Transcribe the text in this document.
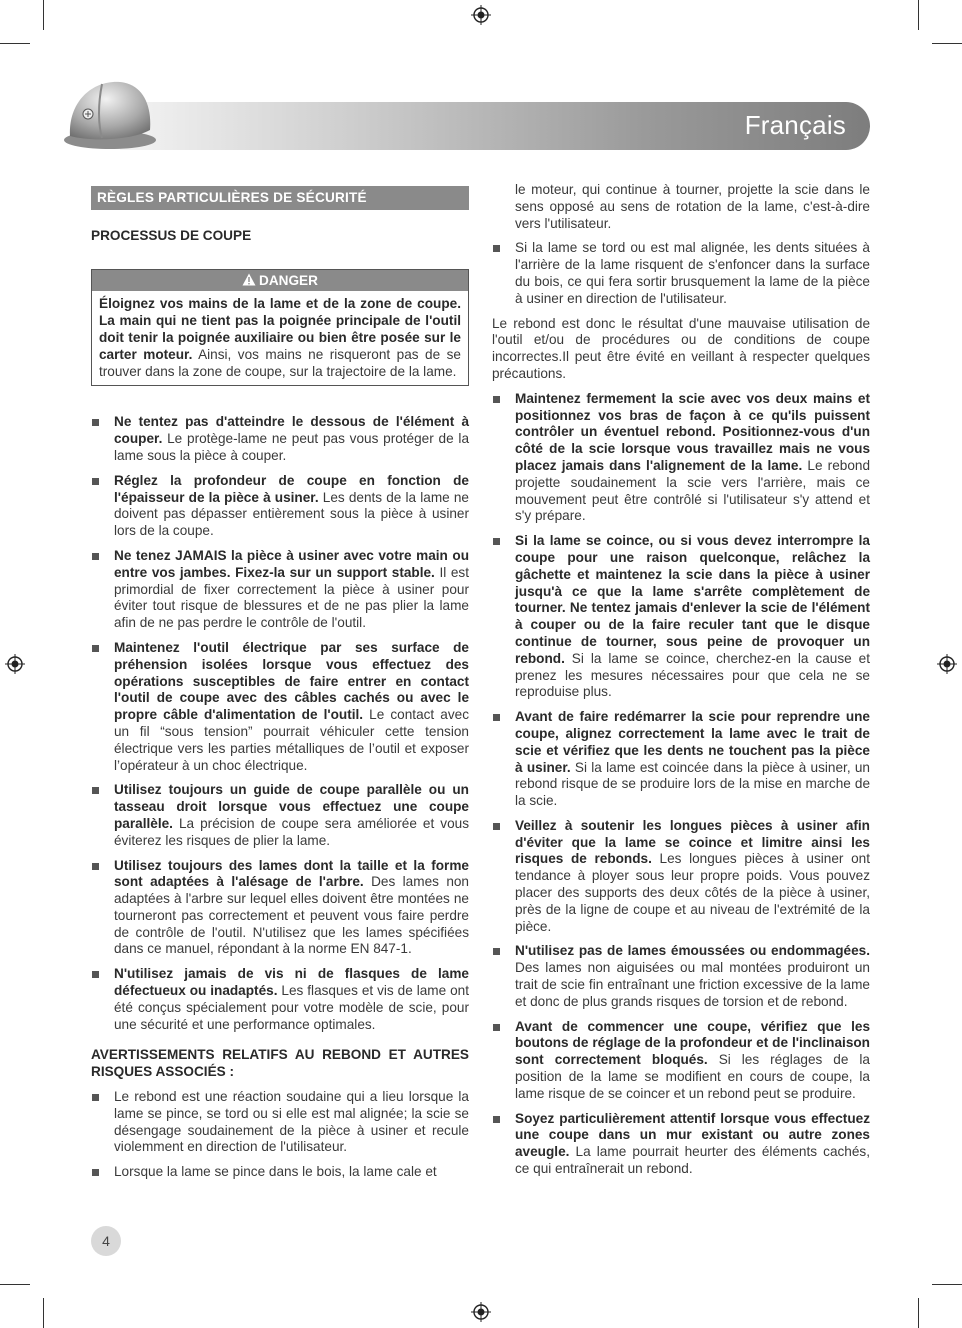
Français
RÈGLES PARTICULIÈRES DE SÉCURITÉ
PROCESSUS DE COUPE
DANGER
Éloignez vos mains de la lame et de la zone de coupe. La main qui ne tient pas la poignée principale de l'outil doit tenir la poignée auxiliaire ou bien être posée sur le carter moteur. Ainsi, vos mains ne risqueront pas de se trouver dans la zone de coupe, sur la trajectoire de la lame.
Ne tentez pas d'atteindre le dessous de l'élément à couper. Le protège-lame ne peut pas vous protéger de la lame sous la pièce à couper.
Réglez la profondeur de coupe en fonction de l'épaisseur de la pièce à usiner. Les dents de la lame ne doivent pas dépasser entièrement sous la pièce à usiner lors de la coupe.
Ne tenez JAMAIS la pièce à usiner avec votre main ou entre vos jambes. Fixez-la sur un support stable. Il est primordial de fixer correctement la pièce à usiner pour éviter tout risque de blessures et de ne pas plier la lame afin de ne pas perdre le contrôle de l'outil.
Maintenez l'outil électrique par ses surface de préhension isolées lorsque vous effectuez des opérations susceptibles de faire entrer en contact l'outil de coupe avec des câbles cachés ou avec le propre câble d'alimentation de l'outil. Le contact avec un fil “sous tension” pourrait véhiculer cette tension électrique vers les parties métalliques de l’outil et exposer l’opérateur à un choc électrique.
Utilisez toujours un guide de coupe parallèle ou un tasseau droit lorsque vous effectuez une coupe parallèle. La précision de coupe sera améliorée et vous éviterez les risques de plier la lame.
Utilisez toujours des lames dont la taille et la forme sont adaptées à l'alésage de l'arbre. Des lames non adaptées à l'arbre sur lequel elles doivent être montées ne tourneront pas correctement et peuvent vous faire perdre de contrôle de l'outil. N'utilisez que les lames spécifiées dans ce manuel, répondant à la norme EN 847-1.
N'utilisez jamais de vis ni de flasques de lame défectueux ou inadaptés. Les flasques et vis de lame ont été conçus spécialement pour votre modèle de scie, pour une sécurité et une performance optimales.
AVERTISSEMENTS RELATIFS AU REBOND ET AUTRES RISQUES ASSOCIÉS :
Le rebond est une réaction soudaine qui a lieu lorsque la lame se pince, se tord ou si elle est mal alignée; la scie se désengage soudainement de la pièce à usiner et recule violemment en direction de l'utilisateur.
Lorsque la lame se pince dans le bois, la lame cale et
le moteur, qui continue à tourner, projette la scie dans le sens opposé au sens de rotation de la lame, c'est-à-dire vers l'utilisateur.
Si la lame se tord ou est mal alignée, les dents situées à l'arrière de la lame risquent de s'enfoncer dans la surface du bois, ce qui fera sortir brusquement la lame de la pièce à usiner en direction de l'utilisateur.
Le rebond est donc le résultat d'une mauvaise utilisation de l'outil et/ou de procédures ou de conditions de coupe incorrectes.Il peut être évité en veillant à respecter quelques précautions.
Maintenez fermement la scie avec vos deux mains et positionnez vos bras de façon à ce qu'ils puissent contrôler un éventuel rebond. Positionnez-vous d'un côté de la scie lorsque vous travaillez mais ne vous placez jamais dans l'alignement de la lame. Le rebond projette soudainement la scie vers l'arrière, mais ce mouvement peut être contrôlé si l'utilisateur s'y attend et s'y prépare.
Si la lame se coince, ou si vous devez interrompre la coupe pour une raison quelconque, relâchez la gâchette et maintenez la scie dans la pièce à usiner jusqu'à ce que la lame s'arrête complètement de tourner. Ne tentez jamais d'enlever la scie de l'élément à couper ou de la faire reculer tant que le disque continue de tourner, sous peine de provoquer un rebond. Si la lame se coince, cherchez-en la cause et prenez les mesures nécessaires pour que cela ne se reproduise plus.
Avant de faire redémarrer la scie pour reprendre une coupe, alignez correctement la lame avec le trait de scie et vérifiez que les dents ne touchent pas la pièce à usiner. Si la lame est coincée dans la pièce à usiner, un rebond risque de se produire lors de la mise en marche de la scie.
Veillez à soutenir les longues pièces à usiner afin d'éviter que la lame se coince et limitre ainsi les risques de rebonds. Les longues pièces à usiner ont tendance à ployer sous leur propre poids. Vous pouvez placer des supports des deux côtés de la pièce à usiner, près de la ligne de coupe et au niveau de l'extrémité de la pièce.
N'utilisez pas de lames émoussées ou endommagées. Des lames non aiguisées ou mal montées produiront un trait de scie fin entraînant une friction excessive de la lame et donc de plus grands risques de torsion et de rebond.
Avant de commencer une coupe, vérifiez que les boutons de réglage de la profondeur et de l'inclinaison sont correctement bloqués. Si les réglages de la position de la lame se modifient en cours de coupe, la lame risque de se coincer et un rebond peut se produire.
Soyez particulièrement attentif lorsque vous effectuez une coupe dans un mur existant ou autre zones aveugle. La lame pourrait heurter des éléments cachés, ce qui entraînerait un rebond.
4
